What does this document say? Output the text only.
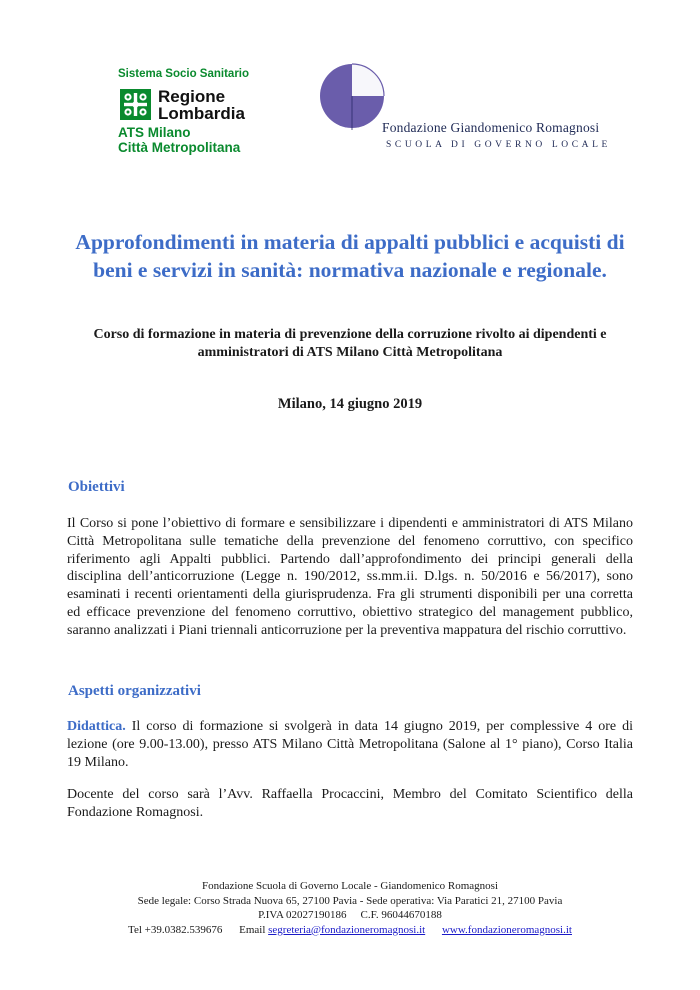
Sistema Socio Sanitario
Regione
Lombardia
ATS Milano
Città Metropolitana
Fondazione Giandomenico Romagnosi
SCUOLA DI GOVERNO LOCALE
Approfondimenti in materia di appalti pubblici e acquisti di beni e servizi in sanità: normativa nazionale e regionale.

Corso di formazione in materia di prevenzione della corruzione rivolto ai dipendenti e amministratori di ATS Milano Città Metropolitana

Milano, 14 giugno 2019

Obiettivi

Il Corso si pone l’obiettivo di formare e sensibilizzare i dipendenti e amministratori di ATS Milano Città Metropolitana sulle tematiche della prevenzione del fenomeno corruttivo, con specifico riferimento agli Appalti pubblici. Partendo dall’approfondimento dei principi generali della disciplina dell’anticorruzione (Legge n. 190/2012, ss.mm.ii. D.lgs. n. 50/2016 e 56/2017), sono esaminati i recenti orientamenti della giurisprudenza. Fra gli strumenti disponibili per una corretta ed efficace prevenzione del fenomeno corruttivo, obiettivo strategico del management pubblico, saranno analizzati i Piani triennali anticorruzione per la preventiva mappatura del rischio corruttivo.

Aspetti organizzativi

Didattica. Il corso di formazione si svolgerà in data 14 giugno 2019, per complessive 4 ore di lezione (ore 9.00-13.00), presso ATS Milano Città Metropolitana (Salone al 1° piano), Corso Italia 19 Milano.

Docente del corso sarà l’Avv. Raffaella Procaccini, Membro del Comitato Scientifico della Fondazione Romagnosi.

Fondazione Scuola di Governo Locale - Giandomenico Romagnosi
Sede legale: Corso Strada Nuova 65, 27100 Pavia - Sede operativa: Via Paratici 21, 27100 Pavia
P.IVA 02027190186 C.F. 96044670188
Tel +39.0382.539676 Email segreteria@fondazioneromagnosi.it www.fondazioneromagnosi.it
